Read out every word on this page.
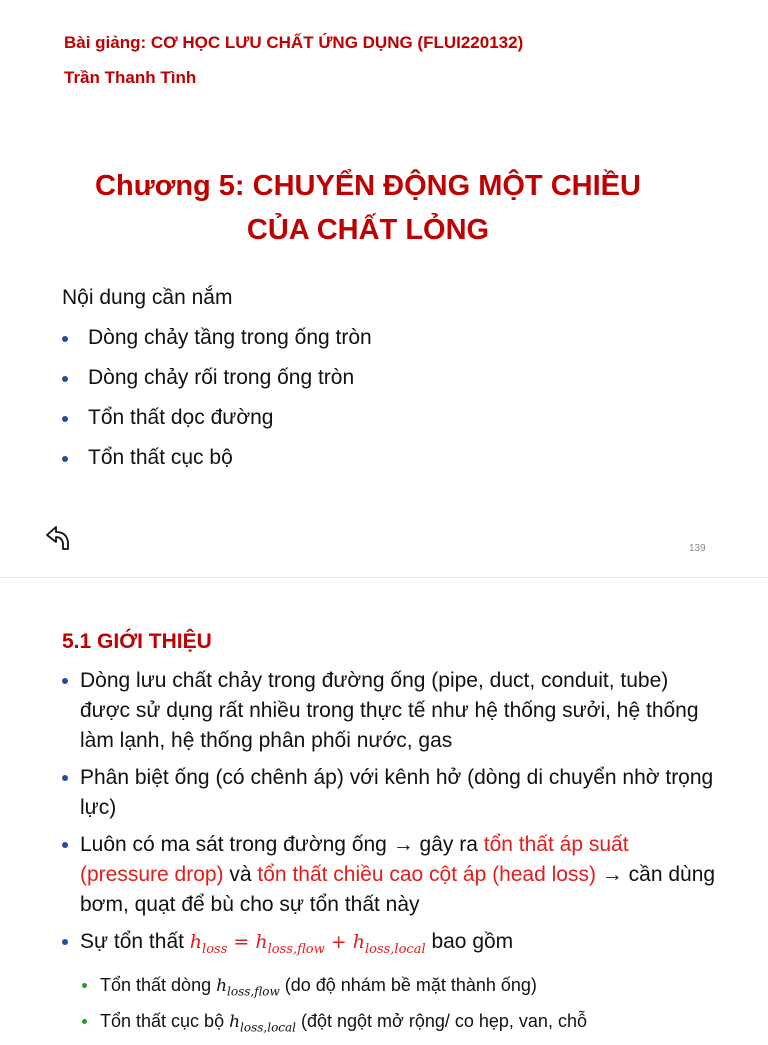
Bài giảng: CƠ HỌC LƯU CHẤT ỨNG DỤNG (FLUI220132)
Trần Thanh Tình
Chương 5: CHUYỂN ĐỘNG MỘT CHIỀU
CỦA CHẤT LỎNG
Nội dung cần nắm
Dòng chảy tầng trong ống tròn
Dòng chảy rối trong ống tròn
Tổn thất dọc đường
Tổn thất cục bộ
139
5.1 GIỚI THIỆU
Dòng lưu chất chảy trong đường ống (pipe, duct, conduit, tube) được sử dụng rất nhiều trong thực tế như hệ thống sưởi, hệ thống làm lạnh, hệ thống phân phối nước, gas
Phân biệt ống (có chênh áp) với kênh hở (dòng di chuyển nhờ trọng lực)
Luôn có ma sát trong đường ống → gây ra tổn thất áp suất (pressure drop) và tổn thất chiều cao cột áp (head loss) → cần dùng bơm, quạt để bù cho sự tổn thất này
Sự tổn thất $h_{loss} = h_{loss,flow} + h_{loss,local}$ bao gồm
Tổn thất dòng $h_{loss,flow}$ (do độ nhám bề mặt thành ống)
Tổn thất cục bộ $h_{loss,local}$ (đột ngột mở rộng/ co hẹp, van, chỗ
